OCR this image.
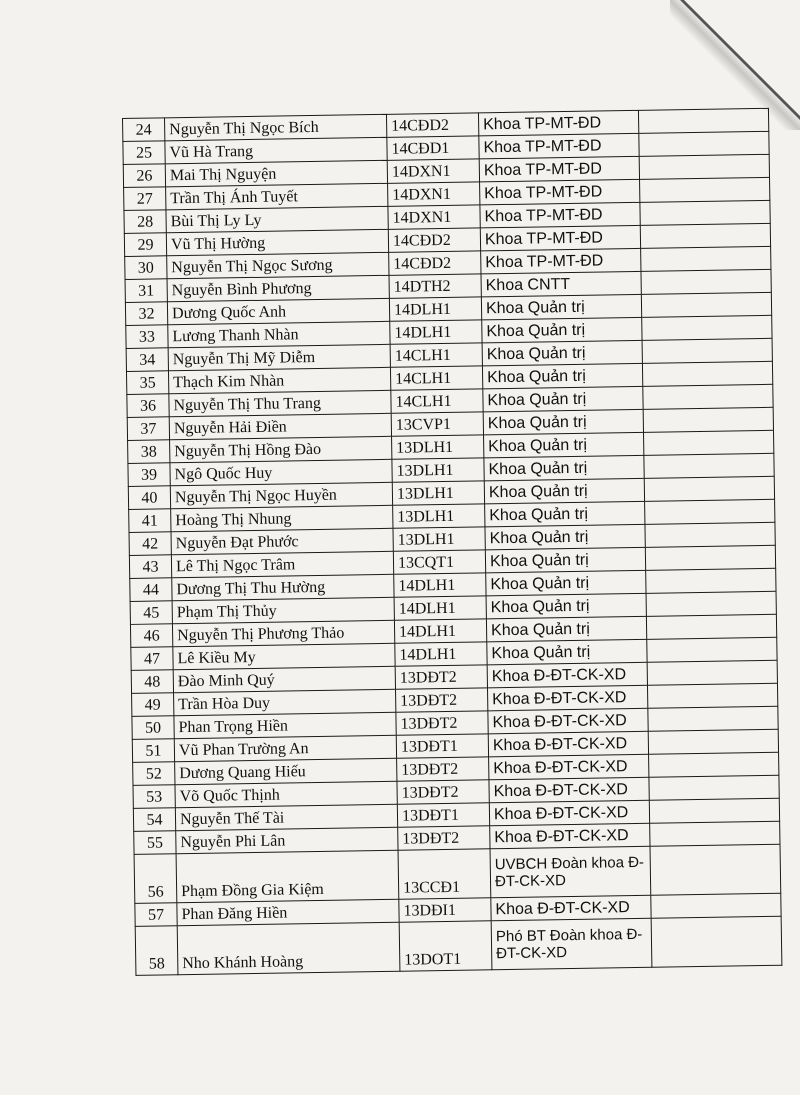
24	Nguyễn Thị Ngọc Bích	14CĐD2	Khoa TP-MT-ĐD	
25	Vũ Hà Trang	14CĐD1	Khoa TP-MT-ĐD	
26	Mai Thị Nguyện	14DXN1	Khoa TP-MT-ĐD	
27	Trần Thị Ánh Tuyết	14DXN1	Khoa TP-MT-ĐD	
28	Bùi Thị Ly Ly	14DXN1	Khoa TP-MT-ĐD	
29	Vũ Thị Hường	14CĐD2	Khoa TP-MT-ĐD	
30	Nguyễn Thị Ngọc Sương	14CĐD2	Khoa TP-MT-ĐD	
31	Nguyễn Bình Phương	14DTH2	Khoa CNTT	
32	Dương Quốc Anh	14DLH1	Khoa Quản trị	
33	Lương Thanh Nhàn	14DLH1	Khoa Quản trị	
34	Nguyễn Thị Mỹ Diễm	14CLH1	Khoa Quản trị	
35	Thạch Kim Nhàn	14CLH1	Khoa Quản trị	
36	Nguyễn Thị Thu Trang	14CLH1	Khoa Quản trị	
37	Nguyễn Hải Điền	13CVP1	Khoa Quản trị	
38	Nguyễn Thị Hồng Đào	13DLH1	Khoa Quản trị	
39	Ngô Quốc Huy	13DLH1	Khoa Quản trị	
40	Nguyễn Thị Ngọc Huyền	13DLH1	Khoa Quản trị	
41	Hoàng Thị Nhung	13DLH1	Khoa Quản trị	
42	Nguyễn Đạt Phước	13DLH1	Khoa Quản trị	
43	Lê Thị Ngọc Trâm	13CQT1	Khoa Quản trị	
44	Dương Thị Thu Hường	14DLH1	Khoa Quản trị	
45	Phạm Thị Thủy	14DLH1	Khoa Quản trị	
46	Nguyễn Thị Phương Thảo	14DLH1	Khoa Quản trị	
47	Lê Kiều My	14DLH1	Khoa Quản trị	
48	Đào Minh Quý	13DĐT2	Khoa Đ-ĐT-CK-XD	
49	Trần Hòa Duy	13DĐT2	Khoa Đ-ĐT-CK-XD	
50	Phan Trọng Hiền	13DĐT2	Khoa Đ-ĐT-CK-XD	
51	Vũ Phan Trường An	13DĐT1	Khoa Đ-ĐT-CK-XD	
52	Dương Quang Hiếu	13DĐT2	Khoa Đ-ĐT-CK-XD	
53	Võ Quốc Thịnh	13DĐT2	Khoa Đ-ĐT-CK-XD	
54	Nguyễn Thế Tài	13DĐT1	Khoa Đ-ĐT-CK-XD	
55	Nguyễn Phi Lân	13DĐT2	Khoa Đ-ĐT-CK-XD	
56	Phạm Đồng Gia Kiệm	13CCĐ1	UVBCH Đoàn khoa Đ-ĐT-CK-XD	
57	Phan Đăng Hiền	13DĐI1	Khoa Đ-ĐT-CK-XD	
58	Nho Khánh Hoàng	13DOT1	Phó BT Đoàn khoa Đ-ĐT-CK-XD	
